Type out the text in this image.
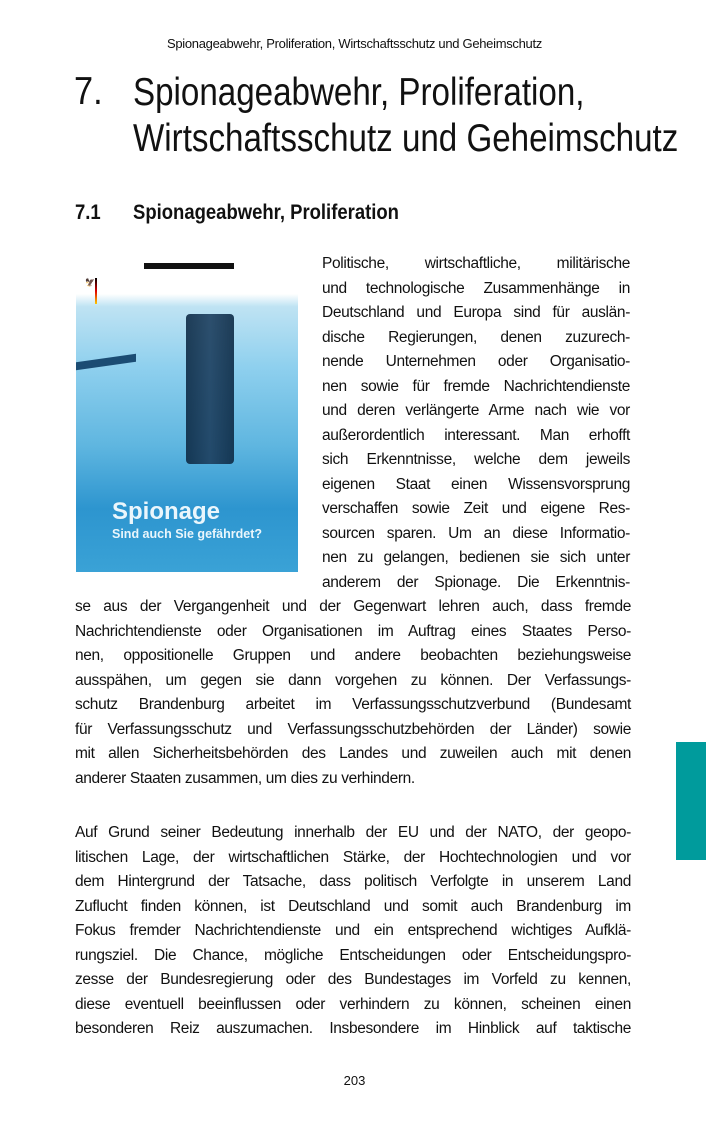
Spionageabwehr, Proliferation, Wirtschaftsschutz und Geheimschutz
7. Spionageabwehr, Proliferation,
Wirtschaftsschutz und Geheimschutz
7.1 Spionageabwehr, Proliferation
🦅
Spionage
Sind auch Sie gefährdet?
Politische, wirtschaftliche, militärische
und technologische Zusammenhänge in
Deutschland und Europa sind für auslän-
dische Regierungen, denen zuzurech-
nende Unternehmen oder Organisatio-
nen sowie für fremde Nachrichtendienste
und deren verlängerte Arme nach wie vor
außerordentlich interessant. Man erhofft
sich Erkenntnisse, welche dem jeweils
eigenen Staat einen Wissensvorsprung
verschaffen sowie Zeit und eigene Res-
sourcen sparen. Um an diese Informatio-
nen zu gelangen, bedienen sie sich unter
anderem der Spionage. Die Erkenntnis-
se aus der Vergangenheit und der Gegenwart lehren auch, dass fremde
Nachrichtendienste oder Organisationen im Auftrag eines Staates Perso-
nen, oppositionelle Gruppen und andere beobachten beziehungsweise
ausspähen, um gegen sie dann vorgehen zu können. Der Verfassungs-
schutz Brandenburg arbeitet im Verfassungsschutzverbund (Bundesamt
für Verfassungsschutz und Verfassungsschutzbehörden der Länder) sowie
mit allen Sicherheitsbehörden des Landes und zuweilen auch mit denen
anderer Staaten zusammen, um dies zu verhindern.
Auf Grund seiner Bedeutung innerhalb der EU und der NATO, der geopo-
litischen Lage, der wirtschaftlichen Stärke, der Hochtechnologien und vor
dem Hintergrund der Tatsache, dass politisch Verfolgte in unserem Land
Zuflucht finden können, ist Deutschland und somit auch Brandenburg im
Fokus fremder Nachrichtendienste und ein entsprechend wichtiges Aufklä-
rungsziel. Die Chance, mögliche Entscheidungen oder Entscheidungspro-
zesse der Bundesregierung oder des Bundestages im Vorfeld zu kennen,
diese eventuell beeinflussen oder verhindern zu können, scheinen einen
besonderen Reiz auszumachen. Insbesondere im Hinblick auf taktische
203
